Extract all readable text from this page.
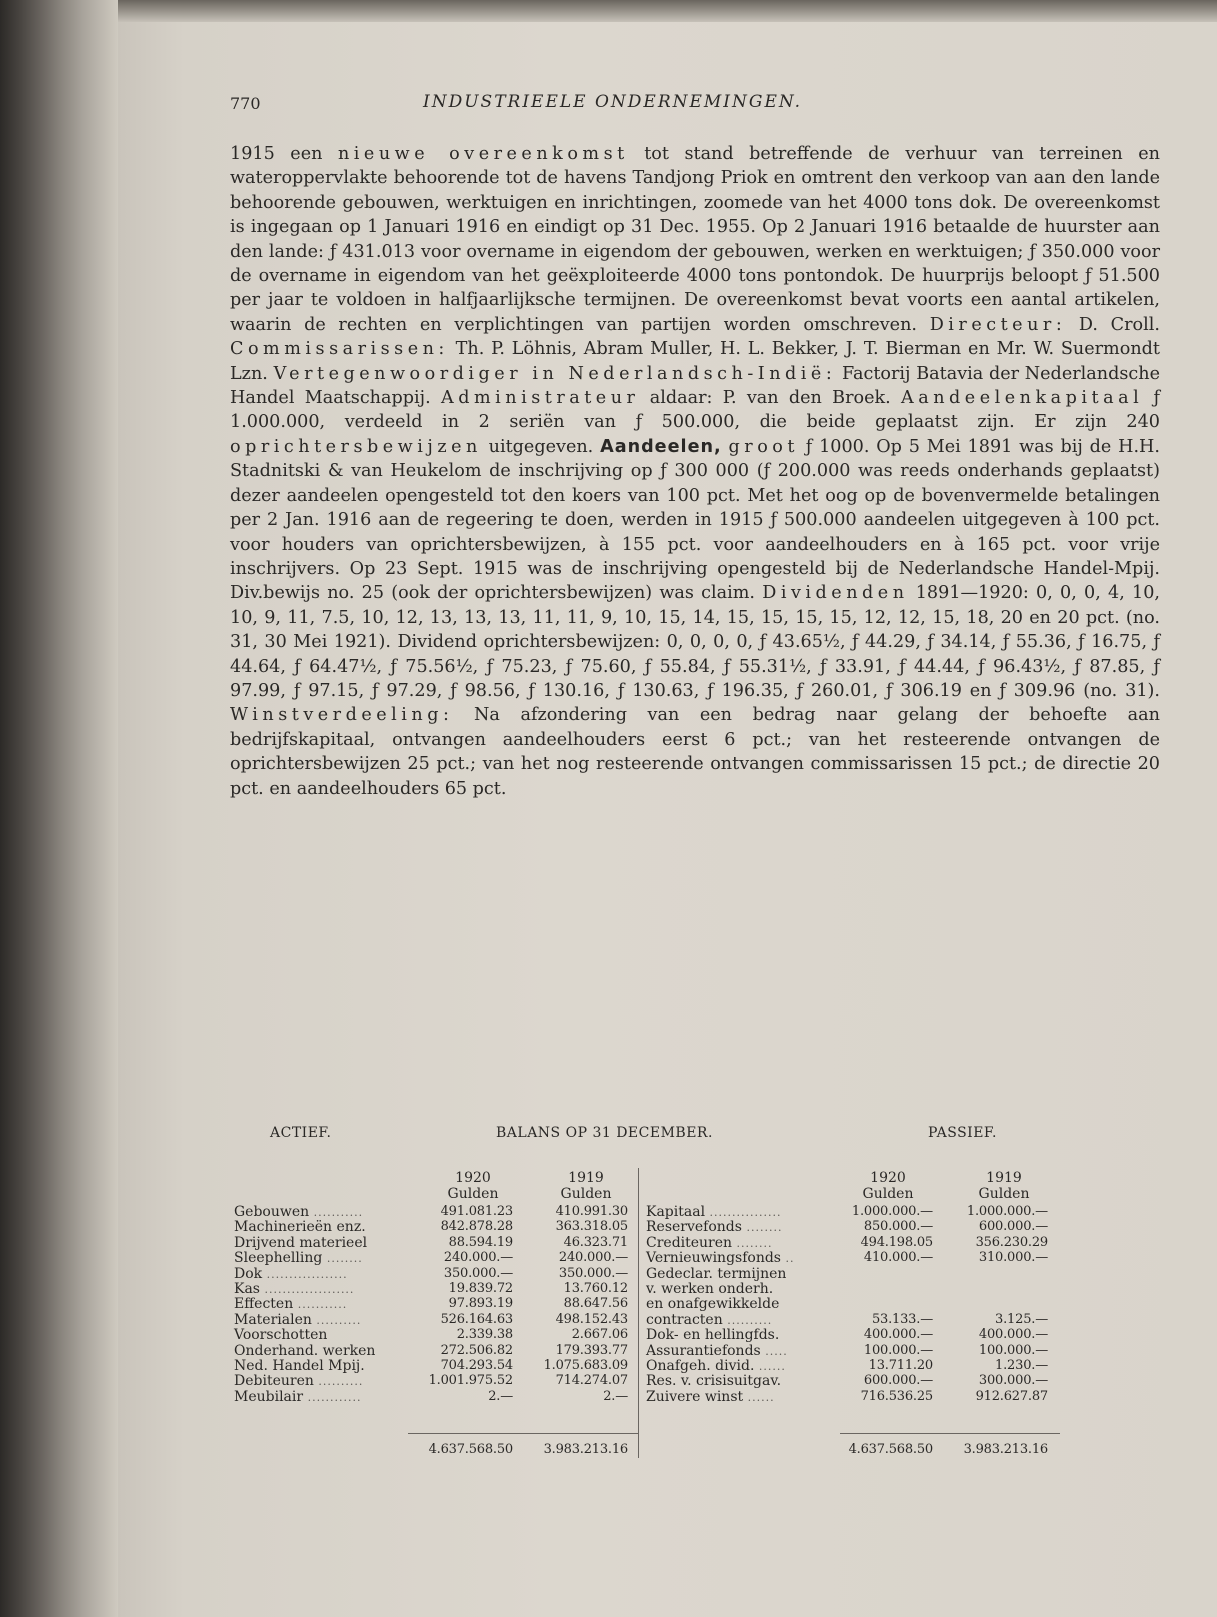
770	INDUSTRIEELE ONDERNEMINGEN.
1915 een nieuwe overeenkomst tot stand betreffende de verhuur van terreinen en wateroppervlakte behoorende tot de havens Tandjong Priok en omtrent den verkoop van aan den lande behoorende gebouwen, werktuigen en inrichtingen, zoomede van het 4000 tons dok. De overeenkomst is ingegaan op 1 Januari 1916 en eindigt op 31 Dec. 1955. Op 2 Januari 1916 betaalde de huurster aan den lande: ƒ 431.013 voor overname in eigendom der gebouwen, werken en werktuigen; ƒ 350.000 voor de overname in eigendom van het geëxploiteerde 4000 tons pontondok. De huurprijs beloopt ƒ 51.500 per jaar te voldoen in halfjaarlijksche termijnen. De overeenkomst bevat voorts een aantal artikelen, waarin de rechten en verplichtingen van partijen worden omschreven. Directeur: D. Croll. Commissarissen: Th. P. Löhnis, Abram Muller, H. L. Bekker, J. T. Bierman en Mr. W. Suermondt Lzn. Vertegenwoordiger in Nederlandsch-Indië: Factorij Batavia der Nederlandsche Handel Maatschappij. Administrateur aldaar: P. van den Broek. Aandeelenkapitaal ƒ 1.000.000, verdeeld in 2 seriën van ƒ 500.000, die beide geplaatst zijn. Er zijn 240 oprichtersbewijzen uitgegeven. Aandeelen, groot ƒ 1000. Op 5 Mei 1891 was bij de H.H. Stadnitski & van Heukelom de inschrijving op ƒ 300 000 (ƒ 200.000 was reeds onderhands geplaatst) dezer aandeelen opengesteld tot den koers van 100 pct. Met het oog op de bovenvermelde betalingen per 2 Jan. 1916 aan de regeering te doen, werden in 1915 ƒ 500.000 aandeelen uitgegeven à 100 pct. voor houders van oprichtersbewijzen, à 155 pct. voor aandeelhouders en à 165 pct. voor vrije inschrijvers. Op 23 Sept. 1915 was de inschrijving opengesteld bij de Nederlandsche Handel-Mpij. Div.bewijs no. 25 (ook der oprichtersbewijzen) was claim. Dividenden 1891—1920: 0, 0, 0, 4, 10, 10, 9, 11, 7.5, 10, 12, 13, 13, 13, 11, 11, 9, 10, 15, 14, 15, 15, 15, 15, 12, 12, 15, 18, 20 en 20 pct. (no. 31, 30 Mei 1921). Dividend oprichtersbewijzen: 0, 0, 0, 0, ƒ 43.65½, ƒ 44.29, ƒ 34.14, ƒ 55.36, ƒ 16.75, ƒ 44.64, ƒ 64.47½, ƒ 75.56½, ƒ 75.23, ƒ 75.60, ƒ 55.84, ƒ 55.31½, ƒ 33.91, ƒ 44.44, ƒ 96.43½, ƒ 87.85, ƒ 97.99, ƒ 97.15, ƒ 97.29, ƒ 98.56, ƒ 130.16, ƒ 130.63, ƒ 196.35, ƒ 260.01, ƒ 306.19 en ƒ 309.96 (no. 31). Winstverdeeling: Na afzondering van een bedrag naar gelang der behoefte aan bedrijfskapitaal, ontvangen aandeelhouders eerst 6 pct.; van het resteerende ontvangen de oprichtersbewijzen 25 pct.; van het nog resteerende ontvangen commissarissen 15 pct.; de directie 20 pct. en aandeelhouders 65 pct.
ACTIEF.	BALANS OP 31 DECEMBER.	PASSIEF.
1920	1919
Gulden	Gulden
1920	1919
Gulden	Gulden
Gebouwen ...........	491.081.23	410.991.30
Machinerieën enz.	842.878.28	363.318.05
Drijvend materieel	88.594.19	46.323.71
Sleephelling ........	240.000.—	240.000.—
Dok ..................	350.000.—	350.000.—
Kas ....................	19.839.72	13.760.12
Effecten ...........	97.893.19	88.647.56
Materialen ..........	526.164.63	498.152.43
Voorschotten	2.339.38	2.667.06
Onderhand. werken	272.506.82	179.393.77
Ned. Handel Mpij.	704.293.54	1.075.683.09
Debiteuren ..........	1.001.975.52	714.274.07
Meubilair ............	2.—	2.—
Kapitaal ................	1.000.000.—	1.000.000.—
Reservefonds ........	850.000.—	600.000.—
Crediteuren ........	494.198.05	356.230.29
Vernieuwingsfonds ..	410.000.—	310.000.—
Gedeclar. termijnen
v. werken onderh.
en onafgewikkelde
contracten ..........	53.133.—	3.125.—
Dok- en hellingfds.	400.000.—	400.000.—
Assurantiefonds .....	100.000.—	100.000.—
Onafgeh. divid. ......	13.711.20	1.230.—
Res. v. crisisuitgav.	600.000.—	300.000.—
Zuivere winst ......	716.536.25	912.627.87
4.637.568.50	3.983.213.16	4.637.568.50	3.983.213.16
